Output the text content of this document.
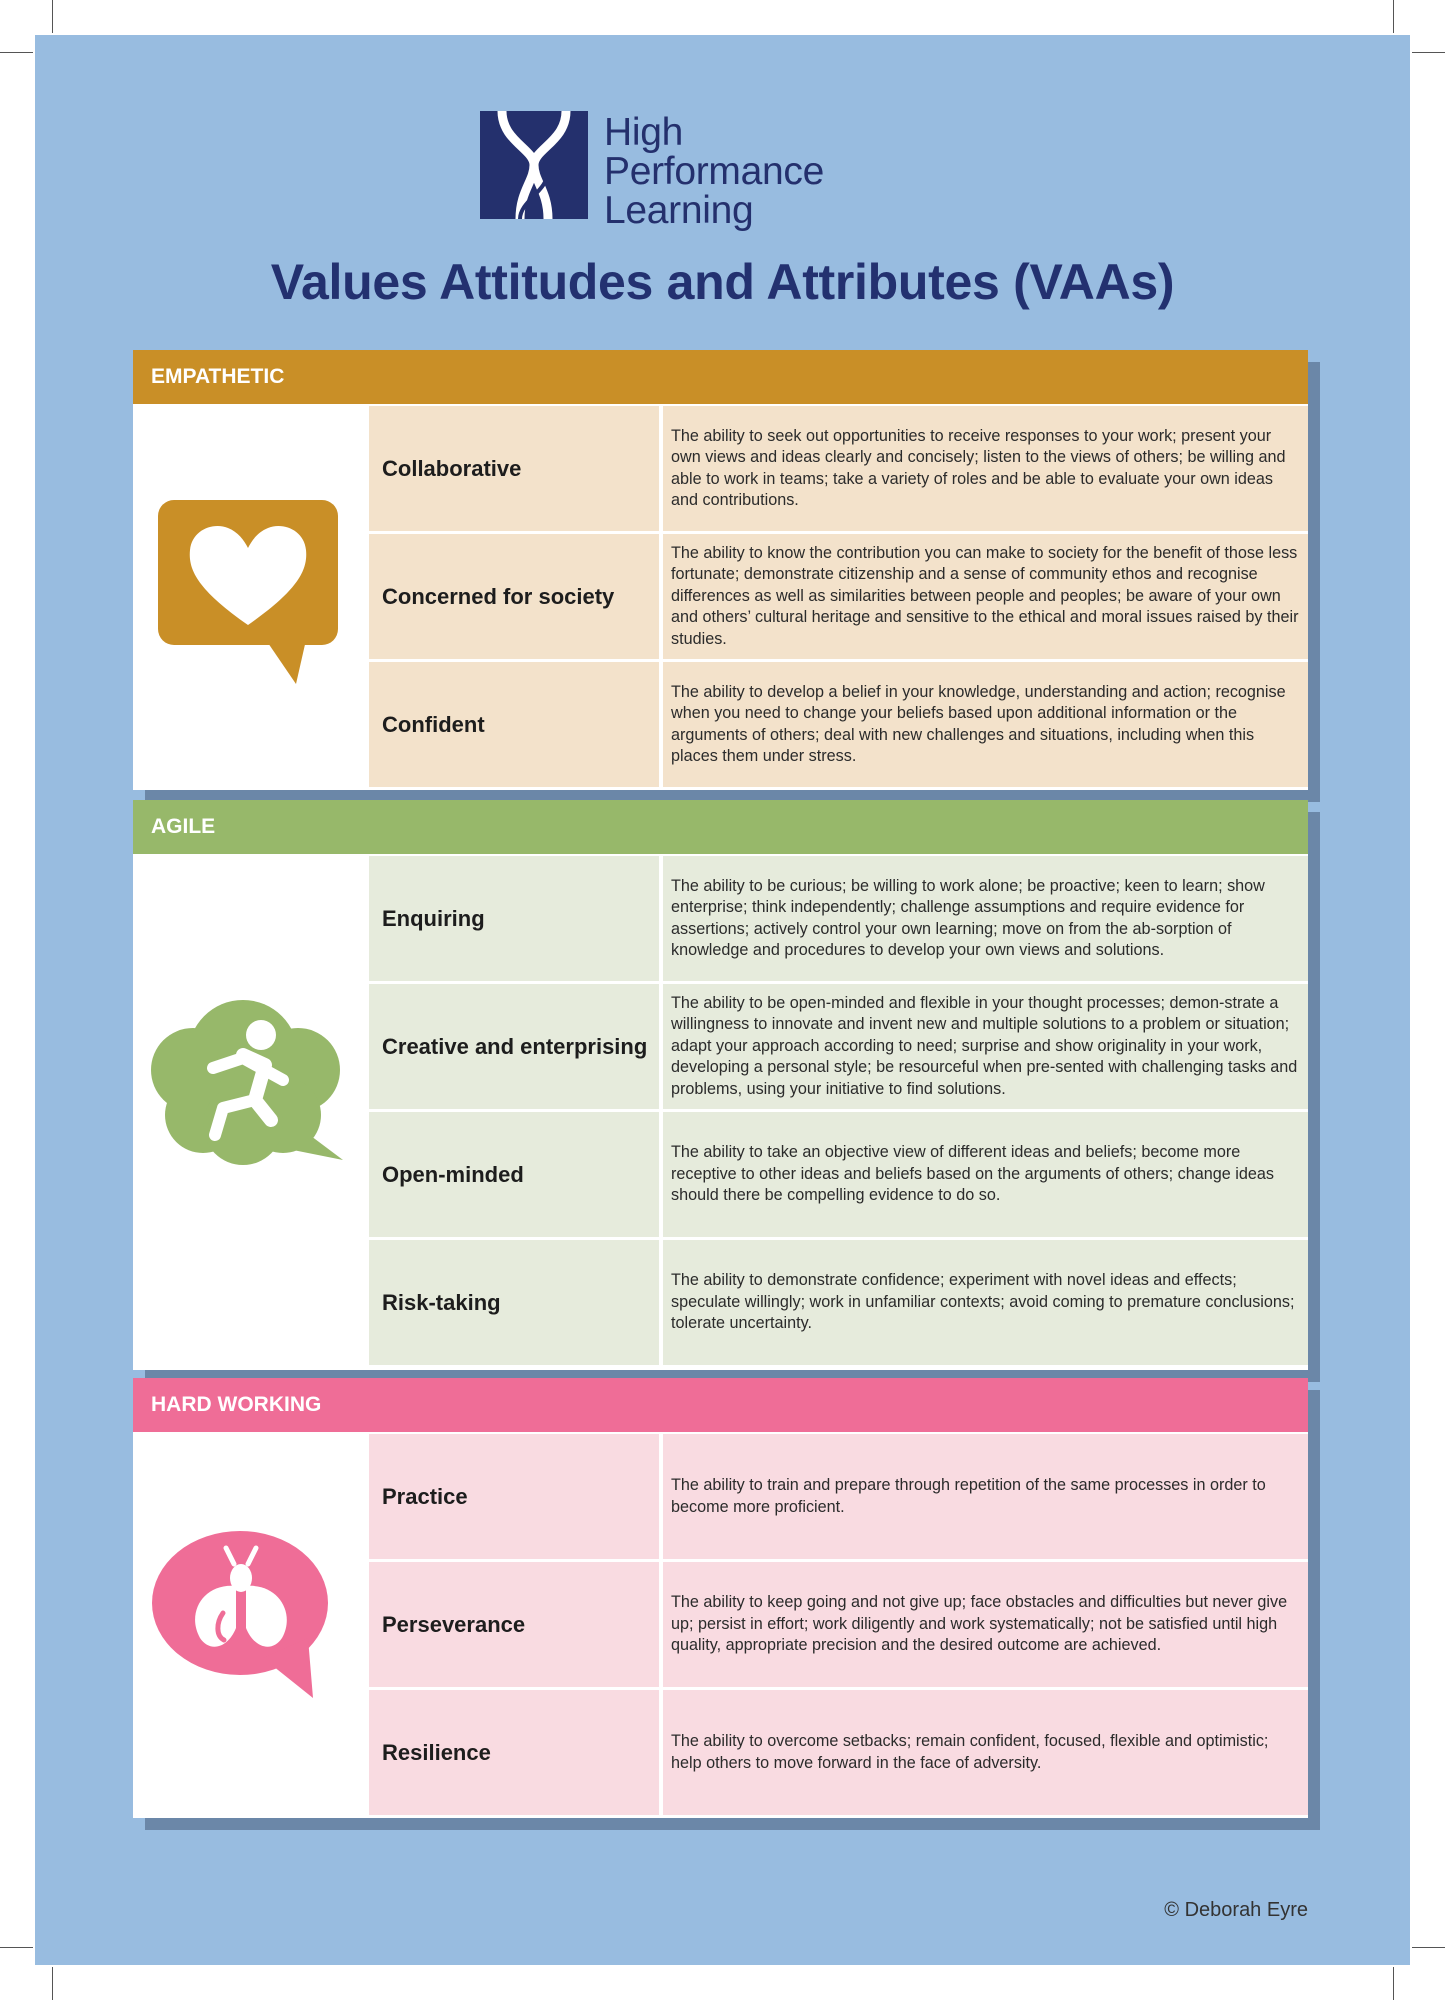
High
Performance
Learning
Values Attitudes and Attributes (VAAs)
EMPATHETIC
Collaborative
The ability to seek out opportunities to receive responses to your work; present your own views and ideas clearly and concisely; listen to the views of others; be willing and able to work in teams; take a variety of roles and be able to evaluate your own ideas and contributions.
Concerned for society
The ability to know the contribution you can make to society for the benefit of those less fortunate; demonstrate citizenship and a sense of community ethos and recognise differences as well as similarities between people and peoples; be aware of your own and others’ cultural heritage and sensitive to the ethical and moral issues raised by their studies.
Confident
The ability to develop a belief in your knowledge, understanding and action; recognise when you need to change your beliefs based upon additional information or the arguments of others; deal with new challenges and situations, including when this places them under stress.
AGILE
Enquiring
The ability to be curious; be willing to work alone; be proactive; keen to learn; show enterprise; think independently; challenge assumptions and require evidence for assertions; actively control your own learning; move on from the ab-sorption of knowledge and procedures to develop your own views and solutions.
Creative and enterprising
The ability to be open-minded and flexible in your thought processes; demon-strate a willingness to innovate and invent new and multiple solutions to a problem or situation; adapt your approach according to need; surprise and show originality in your work, developing a personal style; be resourceful when pre-sented with challenging tasks and problems, using your initiative to find solutions.
Open-minded
The ability to take an objective view of different ideas and beliefs; become more receptive to other ideas and beliefs based on the arguments of others; change ideas should there be compelling evidence to do so.
Risk-taking
The ability to demonstrate confidence; experiment with novel ideas and effects; speculate willingly; work in unfamiliar contexts; avoid coming to premature conclusions; tolerate uncertainty.
HARD WORKING
Practice	The ability to train and prepare through repetition of the same processes in order to become more proficient.
Perseverance
The ability to keep going and not give up; face obstacles and difficulties but never give up; persist in effort; work diligently and work systematically; not be satisfied until high quality, appropriate precision and the desired outcome are achieved.
Resilience	The ability to overcome setbacks; remain confident, focused, flexible and optimistic; help others to move forward in the face of adversity.
© Deborah Eyre
